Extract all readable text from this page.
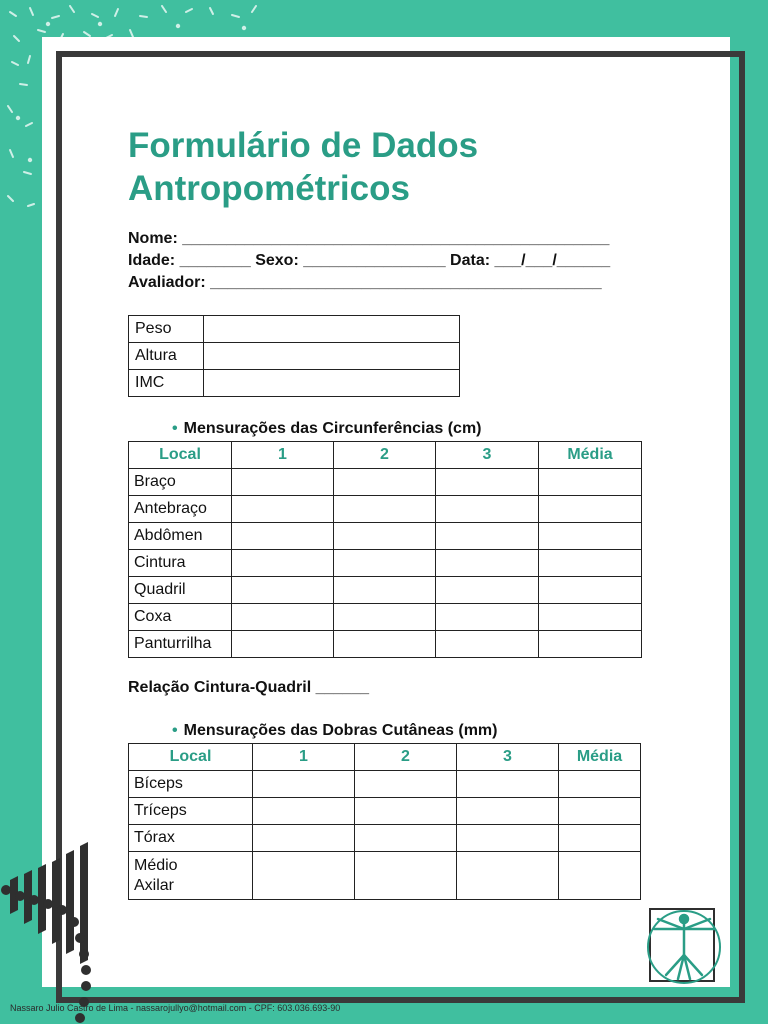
Formulário de Dados
Antropométricos
Nome: ________________________________________________
Idade: ________ Sexo: ________________ Data: ___/___/______
Avaliador: ____________________________________________
Peso	
Altura	
IMC	
• Mensurações das Circunferências (cm)
Local	1	2	3	Média
Braço				
Antebraço				
Abdômen				
Cintura				
Quadril				
Coxa				
Panturrilha				
Relação Cintura-Quadril ______
• Mensurações das Dobras Cutâneas (mm)
Local	1	2	3	Média
Bíceps				
Tríceps				
Tórax				

Médio
Axilar				

Nassaro Julio Castro de Lima - nassarojullyo@hotmail.com - CPF: 603.036.693-90
